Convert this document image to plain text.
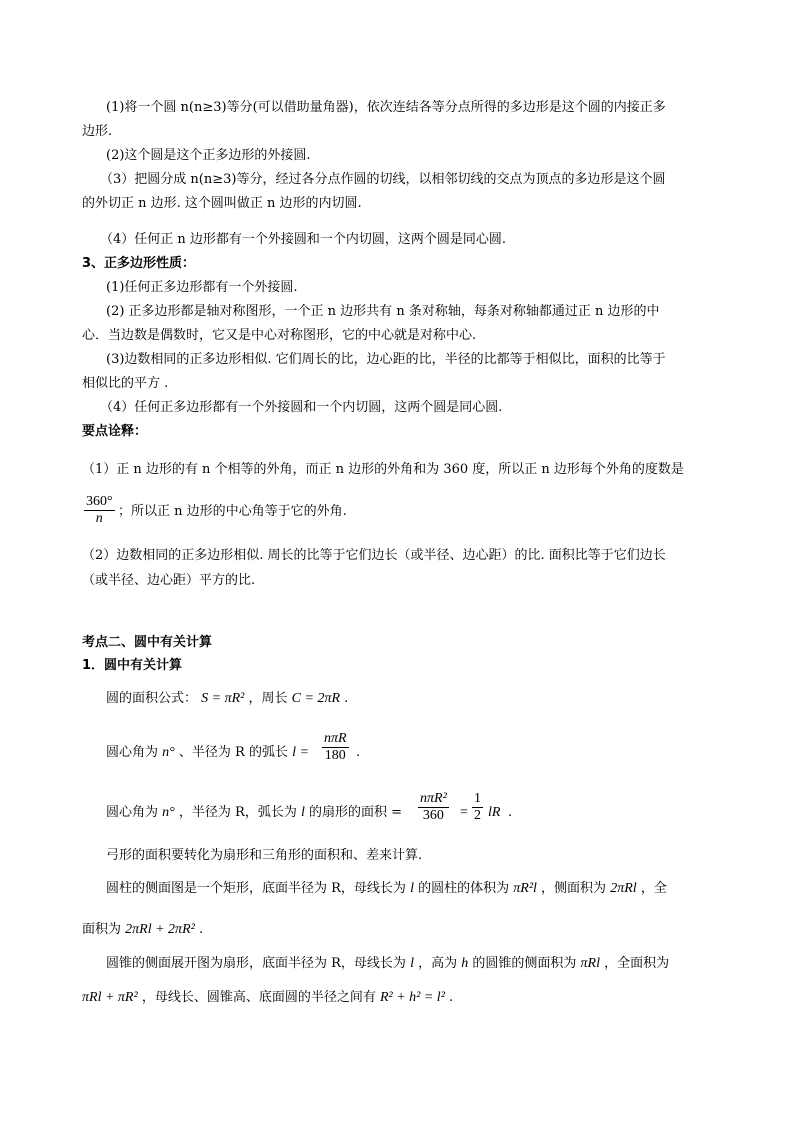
(1)将一个圆 n(n≥3)等分(可以借助量角器)，依次连结各等分点所得的多边形是这个圆的内接正多
边形.
(2)这个圆是这个正多边形的外接圆.
（3）把圆分成 n(n≥3)等分，经过各分点作圆的切线，以相邻切线的交点为顶点的多边形是这个圆
的外切正 n 边形. 这个圆叫做正 n 边形的内切圆.
（4）任何正 n 边形都有一个外接圆和一个内切圆，这两个圆是同心圆.
3、正多边形性质：
(1)任何正多边形都有一个外接圆.
(2) 正多边形都是轴对称图形，一个正 n 边形共有 n 条对称轴，每条对称轴都通过正 n 边形的中
心．当边数是偶数时，它又是中心对称图形，它的中心就是对称中心.
(3)边数相同的正多边形相似. 它们周长的比，边心距的比，半径的比都等于相似比，面积的比等于
相似比的平方 .
（4）任何正多边形都有一个外接圆和一个内切圆，这两个圆是同心圆.
要点诠释：
（1）正 n 边形的有 n 个相等的外角，而正 n 边形的外角和为 360 度，所以正 n 边形每个外角的度数是
$\frac{360^\circ}{n}$ ；所以正 n 边形的中心角等于它的外角.
（2）边数相同的正多边形相似. 周长的比等于它们边长（或半径、边心距）的比. 面积比等于它们边长
（或半径、边心距）平方的比.
考点二、圆中有关计算
1．圆中有关计算
圆的面积公式： S = πR² ，周长 C = 2πR .
圆心角为 n° 、半径为 R 的弧长 l =
nπR
180 .
圆心角为 n° ，半径为 R，弧长为 l 的扇形的面积 =
nπR²
360	= $\frac{1}{2}$ lR .
弓形的面积要转化为扇形和三角形的面积和、差来计算.
圆柱的侧面图是一个矩形，底面半径为 R，母线长为 l 的圆柱的体积为 πR²l ，侧面积为 2πRl ，全
面积为 2πRl + 2πR² .
圆锥的侧面展开图为扇形，底面半径为 R，母线长为 l ，高为 h 的圆锥的侧面积为 πRl ，全面积为
πRl + πR² ，母线长、圆锥高、底面圆的半径之间有 R² + h² = l² .
